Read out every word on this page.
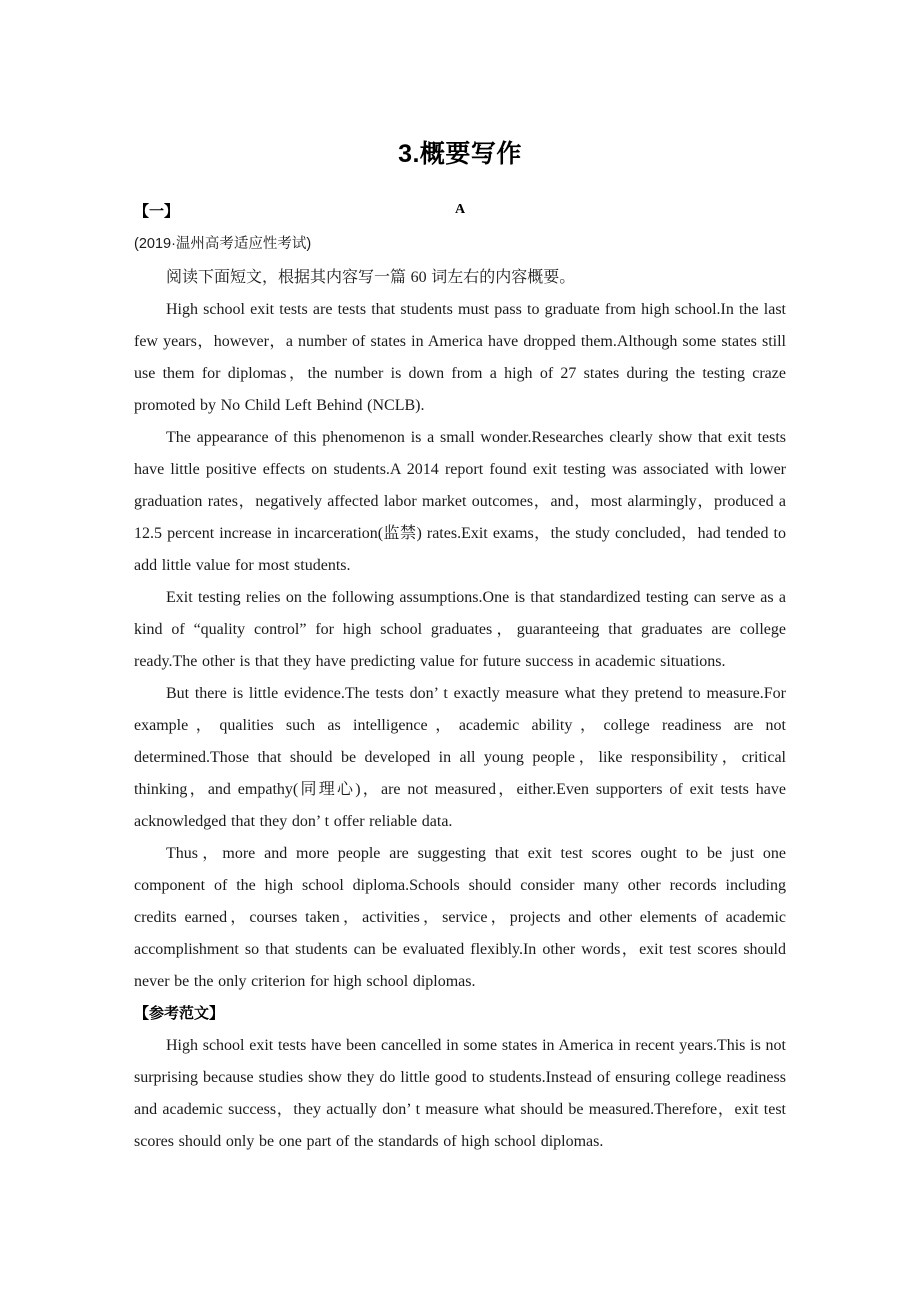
3.概要写作
【一】	A
(2019·温州高考适应性考试)

阅读下面短文，根据其内容写一篇 60 词左右的内容概要。

High school exit tests are tests that students must pass to graduate from high school.In the last few years，however，a number of states in America have dropped them.Although some states still use them for diplomas，the number is down from a high of 27 states during the testing craze promoted by No Child Left Behind (NCLB).

The appearance of this phenomenon is a small wonder.Researches clearly show that exit tests have little positive effects on students.A 2014 report found exit testing was associated with lower graduation rates，negatively affected labor market outcomes，and，most alarmingly，produced a 12.5 percent increase in incarceration(监禁) rates.Exit exams，the study concluded，had tended to add little value for most students.

Exit testing relies on the following assumptions.One is that standardized testing can serve as a kind of “quality control” for high school graduates，guaranteeing that graduates are college ready.The other is that they have predicting value for future success in academic situations.

But there is little evidence.The tests don’ t exactly measure what they pretend to measure.For example，qualities such as intelligence，academic ability，college readiness are not determined.Those that should be developed in all young people，like responsibility，critical thinking，and empathy(同理心)，are not measured，either.Even supporters of exit tests have acknowledged that they don’ t offer reliable data.

Thus，more and more people are suggesting that exit test scores ought to be just one component of the high school diploma.Schools should consider many other records including credits earned，courses taken，activities，service，projects and other elements of academic accomplishment so that students can be evaluated flexibly.In other words，exit test scores should never be the only criterion for high school diplomas.

【参考范文】

High school exit tests have been cancelled in some states in America in recent years.This is not surprising because studies show they do little good to students.Instead of ensuring college readiness and academic success，they actually don’ t measure what should be measured.Therefore，exit test scores should only be one part of the standards of high school diplomas.
